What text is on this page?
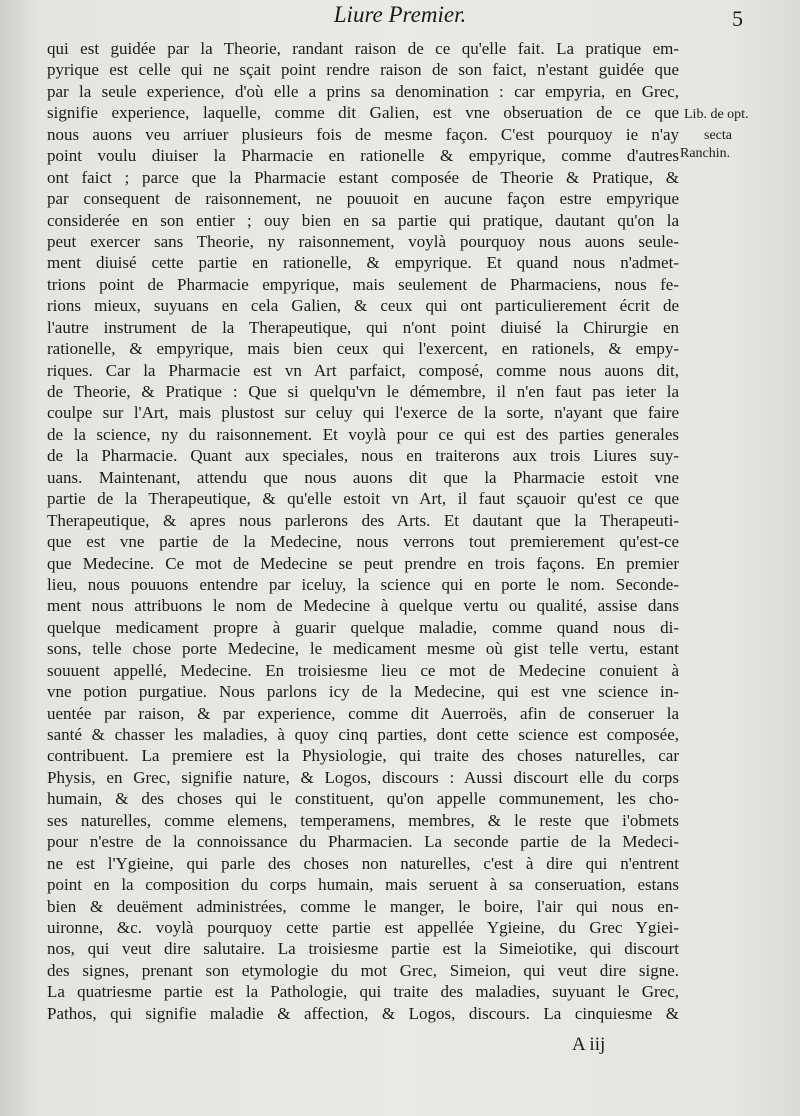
Liure Premier.	5
qui est guidée par la Theorie, randant raison de ce qu'elle fait. La pratique em-
pyrique est celle qui ne sçait point rendre raison de son faict, n'estant guidée que
par la seule experience, d'où elle a prins sa denomination : car empyria, en Grec,
signifie experience, laquelle, comme dit Galien, est vne obseruation de ce que
nous auons veu arriuer plusieurs fois de mesme façon. C'est pourquoy ie n'ay
point voulu diuiser la Pharmacie en rationelle & empyrique, comme d'autres
ont faict ; parce que la Pharmacie estant composée de Theorie & Pratique, &
par consequent de raisonnement, ne pouuoit en aucune façon estre empyrique
considerée en son entier ; ouy bien en sa partie qui pratique, dautant qu'on la
peut exercer sans Theorie, ny raisonnement, voylà pourquoy nous auons seule-
ment diuisé cette partie en rationelle, & empyrique. Et quand nous n'admet-
trions point de Pharmacie empyrique, mais seulement de Pharmaciens, nous fe-
rions mieux, suyuans en cela Galien, & ceux qui ont particulierement écrit de
l'autre instrument de la Therapeutique, qui n'ont point diuisé la Chirurgie en
rationelle, & empyrique, mais bien ceux qui l'exercent, en rationels, & empy-
riques. Car la Pharmacie est vn Art parfaict, composé, comme nous auons dit,
de Theorie, & Pratique : Que si quelqu'vn le démembre, il n'en faut pas ieter la
coulpe sur l'Art, mais plustost sur celuy qui l'exerce de la sorte, n'ayant que faire
de la science, ny du raisonnement. Et voylà pour ce qui est des parties generales
de la Pharmacie. Quant aux speciales, nous en traiterons aux trois Liures suy-
uans. Maintenant, attendu que nous auons dit que la Pharmacie estoit vne
partie de la Therapeutique, & qu'elle estoit vn Art, il faut sçauoir qu'est ce que
Therapeutique, & apres nous parlerons des Arts. Et dautant que la Therapeuti-
que est vne partie de la Medecine, nous verrons tout premierement qu'est-ce
que Medecine. Ce mot de Medecine se peut prendre en trois façons. En premier
lieu, nous pouuons entendre par iceluy, la science qui en porte le nom. Seconde-
ment nous attribuons le nom de Medecine à quelque vertu ou qualité, assise dans
quelque medicament propre à guarir quelque maladie, comme quand nous di-
sons, telle chose porte Medecine, le medicament mesme où gist telle vertu, estant
souuent appellé, Medecine. En troisiesme lieu ce mot de Medecine conuient à
vne potion purgatiue. Nous parlons icy de la Medecine, qui est vne science in-
uentée par raison, & par experience, comme dit Auerroës, afin de conseruer la
santé & chasser les maladies, à quoy cinq parties, dont cette science est composée,
contribuent. La premiere est la Physiologie, qui traite des choses naturelles, car
Physis, en Grec, signifie nature, & Logos, discours : Aussi discourt elle du corps
humain, & des choses qui le constituent, qu'on appelle communement, les cho-
ses naturelles, comme elemens, temperamens, membres, & le reste que i'obmets
pour n'estre de la connoissance du Pharmacien. La seconde partie de la Medeci-
ne est l'Ygieine, qui parle des choses non naturelles, c'est à dire qui n'entrent
point en la composition du corps humain, mais seruent à sa conseruation, estans
bien & deuëment administrées, comme le manger, le boire, l'air qui nous en-
uironne, &c. voylà pourquoy cette partie est appellée Ygieine, du Grec Ygiei-
nos, qui veut dire salutaire. La troisiesme partie est la Simeiotike, qui discourt
des signes, prenant son etymologie du mot Grec, Simeion, qui veut dire signe.
La quatriesme partie est la Pathologie, qui traite des maladies, suyuant le Grec,
Pathos, qui signifie maladie & affection, & Logos, discours. La cinquiesme &
Lib. de opt.
secta
Ranchin.
A iij
